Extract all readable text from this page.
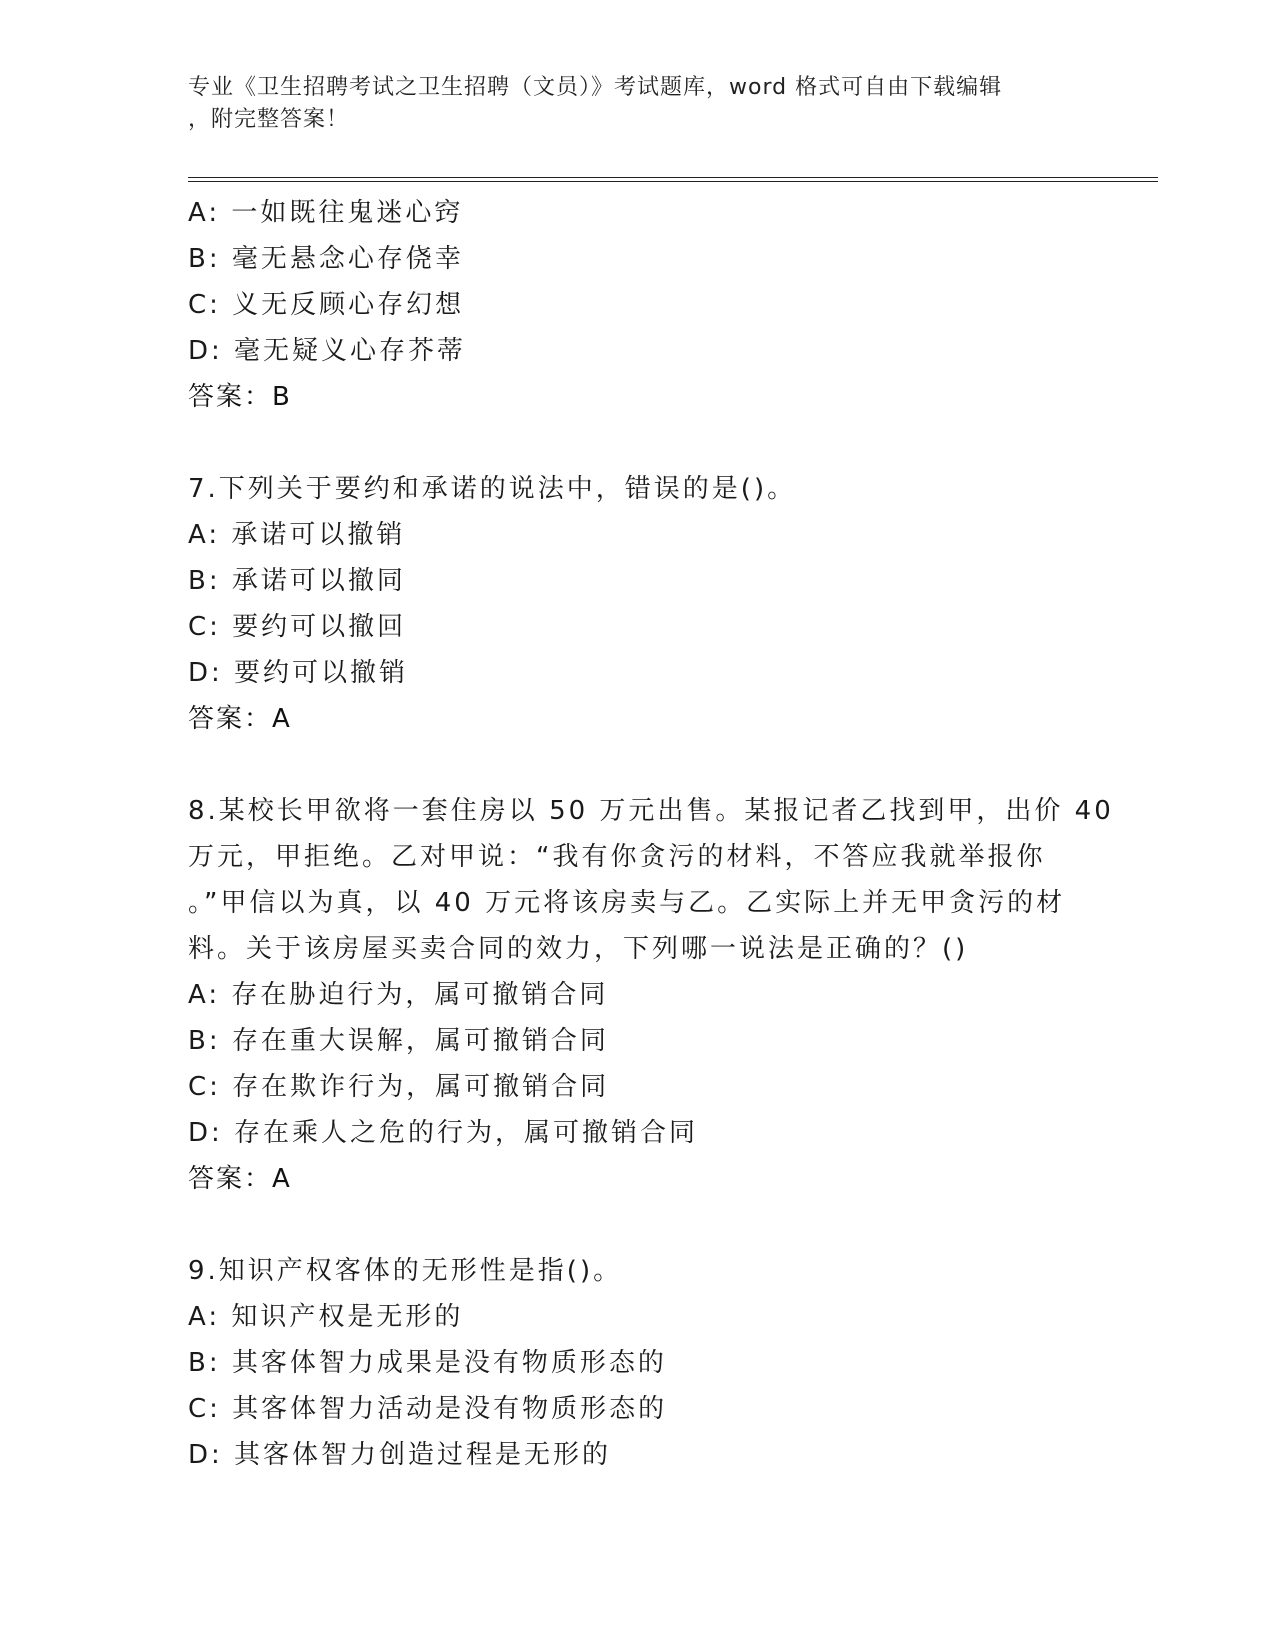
专业《卫生招聘考试之卫生招聘（文员）》考试题库，word 格式可自由下载编辑
，附完整答案！
A: 一如既往鬼迷心窍
B: 毫无悬念心存侥幸
C: 义无反顾心存幻想
D: 毫无疑义心存芥蒂
答案：B
7.下列关于要约和承诺的说法中，错误的是()。
A: 承诺可以撤销
B: 承诺可以撤同
C: 要约可以撤回
D: 要约可以撤销
答案：A
8.某校长甲欲将一套住房以 50 万元出售。某报记者乙找到甲，出价 40
万元，甲拒绝。乙对甲说：“我有你贪污的材料，不答应我就举报你
。”甲信以为真，以 40 万元将该房卖与乙。乙实际上并无甲贪污的材
料。关于该房屋买卖合同的效力，下列哪一说法是正确的？()
A: 存在胁迫行为，属可撤销合同
B: 存在重大误解，属可撤销合同
C: 存在欺诈行为，属可撤销合同
D: 存在乘人之危的行为，属可撤销合同
答案：A
9.知识产权客体的无形性是指()。
A: 知识产权是无形的
B: 其客体智力成果是没有物质形态的
C: 其客体智力活动是没有物质形态的
D: 其客体智力创造过程是无形的
